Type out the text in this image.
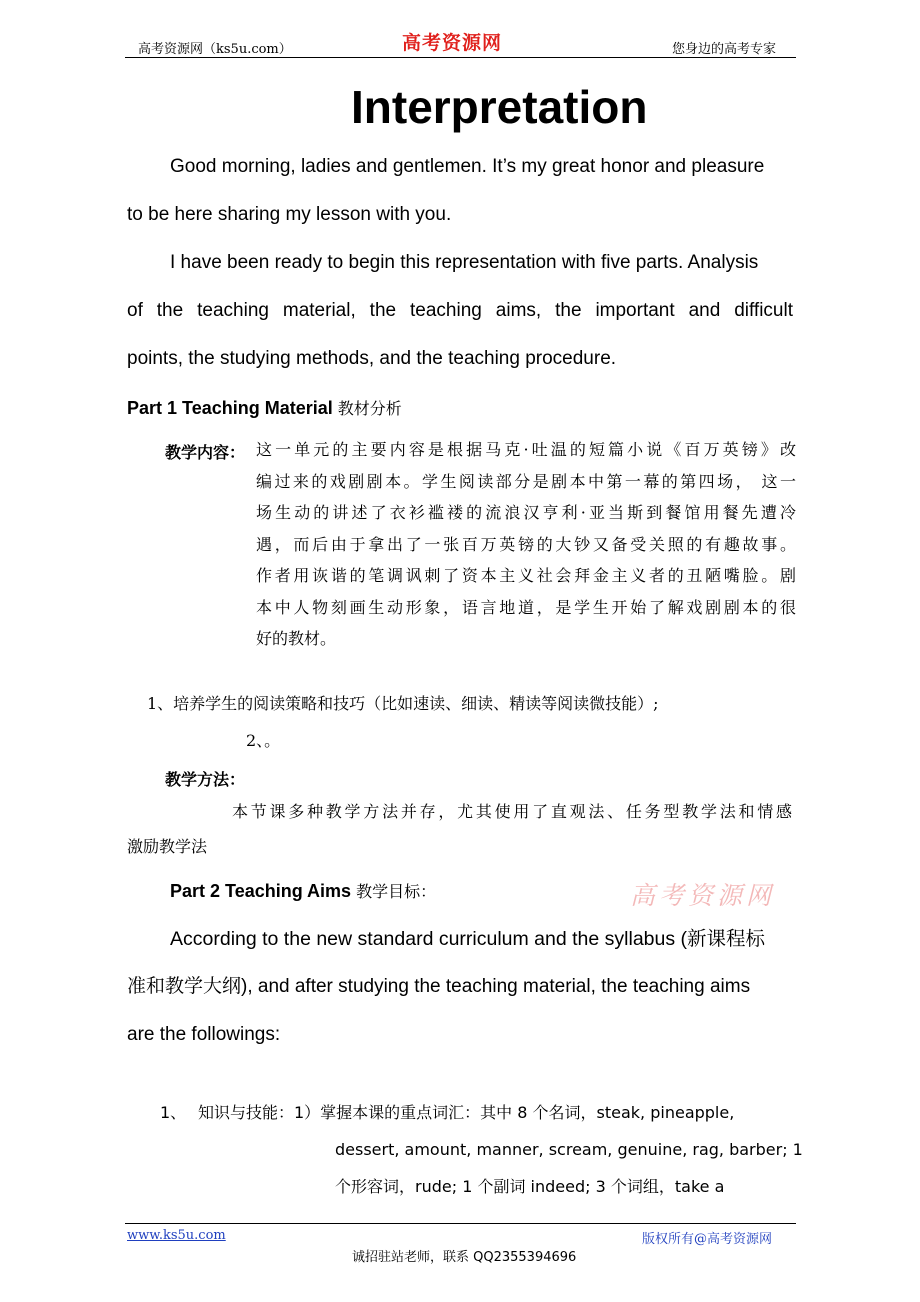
高考资源网（ks5u.com）	高考资源网	您身边的高考专家
Interpretation
Good morning, ladies and gentlemen. It’s my great honor and pleasure
to be here sharing my lesson with you.
I have been ready to begin this representation with five parts. Analysis
of the teaching material, the teaching aims, the important and difficult
points, the studying methods, and the teaching procedure.
Part 1 Teaching Material 教材分析
教学内容： 这一单元的主要内容是根据马克·吐温的短篇小说《百万英镑》改
编过来的戏剧剧本。学生阅读部分是剧本中第一幕的第四场， 这一
场生动的讲述了衣衫褴褛的流浪汉亨利·亚当斯到餐馆用餐先遭冷
遇，而后由于拿出了一张百万英镑的大钞又备受关照的有趣故事。
作者用诙谐的笔调讽刺了资本主义社会拜金主义者的丑陋嘴脸。剧
本中人物刻画生动形象，语言地道，是学生开始了解戏剧剧本的很
好的教材。
1、培养学生的阅读策略和技巧（比如速读、细读、精读等阅读微技能）;
2、。
教学方法：
本节课多种教学方法并存，尤其使用了直观法、任务型教学法和情感
激励教学法
Part 2 Teaching Aims 教学目标：	高考资源网
According to the new standard curriculum and the syllabus (新课程标
准和教学大纲), and after studying the teaching material, the teaching aims
are the followings:
1、 知识与技能：1）掌握本课的重点词汇：其中 8 个名词，steak, pineapple,
dessert, amount, manner, scream, genuine, rag, barber; 1
个形容词，rude; 1 个副词 indeed; 3 个词组，take a
www.ks5u.com	版权所有@高考资源网
诚招驻站老师，联系 QQ2355394696
